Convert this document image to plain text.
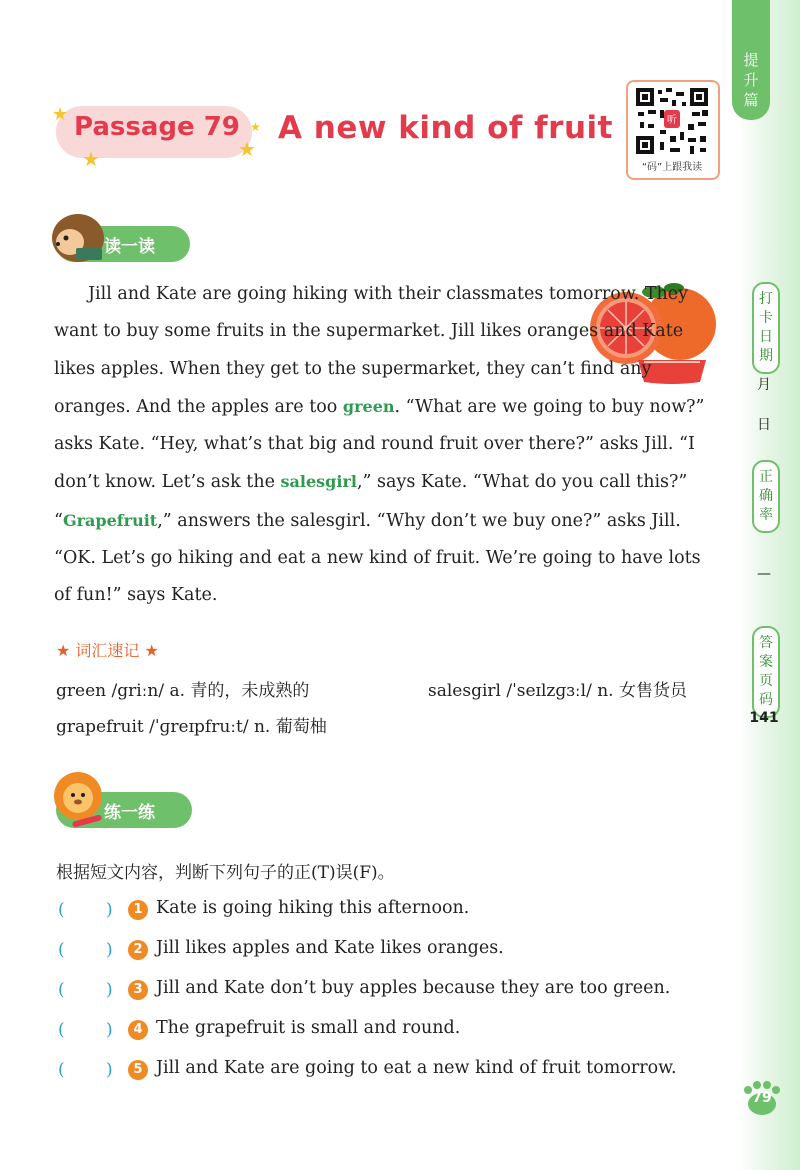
提
升
篇
打
卡
日
期
月
日
正
确
率
—
答
案
页
码
141
79
★
★	★
★
Passage 79 A new kind of fruit	听
“码”上跟我读
读一读

Jill and Kate are going hiking with their classmates tomorrow. They want to buy some fruits in the supermarket. Jill likes oranges and Kate likes apples. When they get to the supermarket, they can’t find any oranges. And the apples are too green. “What are we going to buy now?” asks Kate. “Hey, what’s that big and round fruit over there?” asks Jill. “I don’t know. Let’s ask the salesgirl,” says Kate. “What do you call this?” “Grapefruit,” answers the salesgirl. “Why don’t we buy one?” asks Jill. “OK. Let’s go hiking and eat a new kind of fruit. We’re going to have lots of fun!” says Kate.

★ 词汇速记 ★
green /griːn/ a. 青的，未成熟的	salesgirl /ˈseɪlzɡɜːl/ n. 女售货员
grapefruit /ˈɡreɪpfruːt/ n. 葡萄柚
练一练
根据短文内容，判断下列句子的正(T)误(F)。
( )	1 Kate is going hiking this afternoon.
( )	2 Jill likes apples and Kate likes oranges.
( )	3 Jill and Kate don’t buy apples because they are too green.
( )	4 The grapefruit is small and round.
( )	5 Jill and Kate are going to eat a new kind of fruit tomorrow.
